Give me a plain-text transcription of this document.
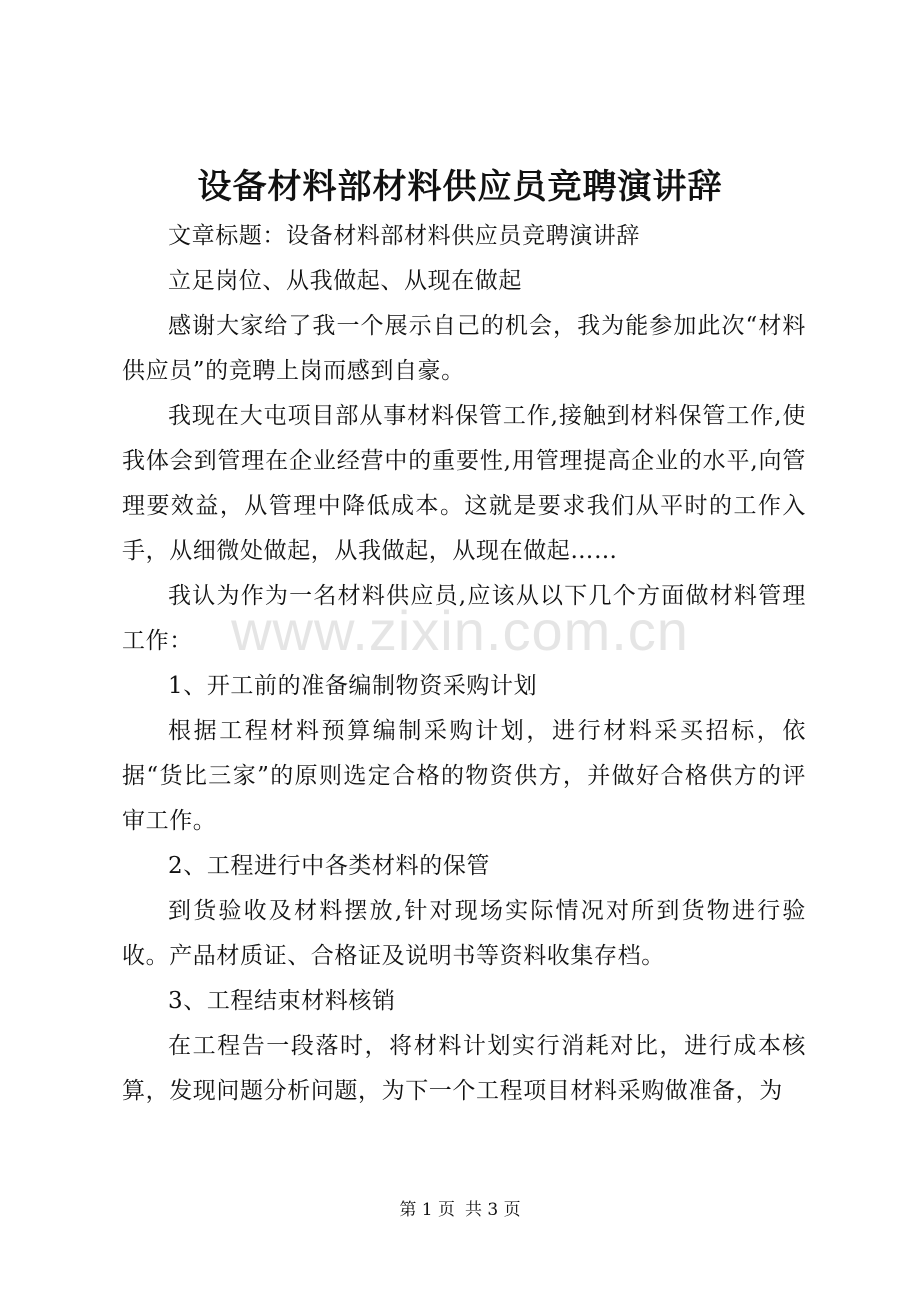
设备材料部材料供应员竞聘演讲辞

文章标题：设备材料部材料供应员竞聘演讲辞

立足岗位、从我做起、从现在做起

感谢大家给了我一个展示自己的机会，我为能参加此次“材料供应员”的竞聘上岗而感到自豪。

我现在大屯项目部从事材料保管工作,接触到材料保管工作,使我体会到管理在企业经营中的重要性,用管理提高企业的水平,向管理要效益，从管理中降低成本。这就是要求我们从平时的工作入手，从细微处做起，从我做起，从现在做起……

我认为作为一名材料供应员,应该从以下几个方面做材料管理工作：

1、开工前的准备编制物资采购计划

根据工程材料预算编制采购计划，进行材料采买招标，依据“货比三家”的原则选定合格的物资供方，并做好合格供方的评审工作。

2、工程进行中各类材料的保管

到货验收及材料摆放,针对现场实际情况对所到货物进行验收。产品材质证、合格证及说明书等资料收集存档。

3、工程结束材料核销

在工程告一段落时，将材料计划实行消耗对比，进行成本核算，发现问题分析问题，为下一个工程项目材料采购做准备，为

www.zixin.com.cn
第 1 页 共 3 页
